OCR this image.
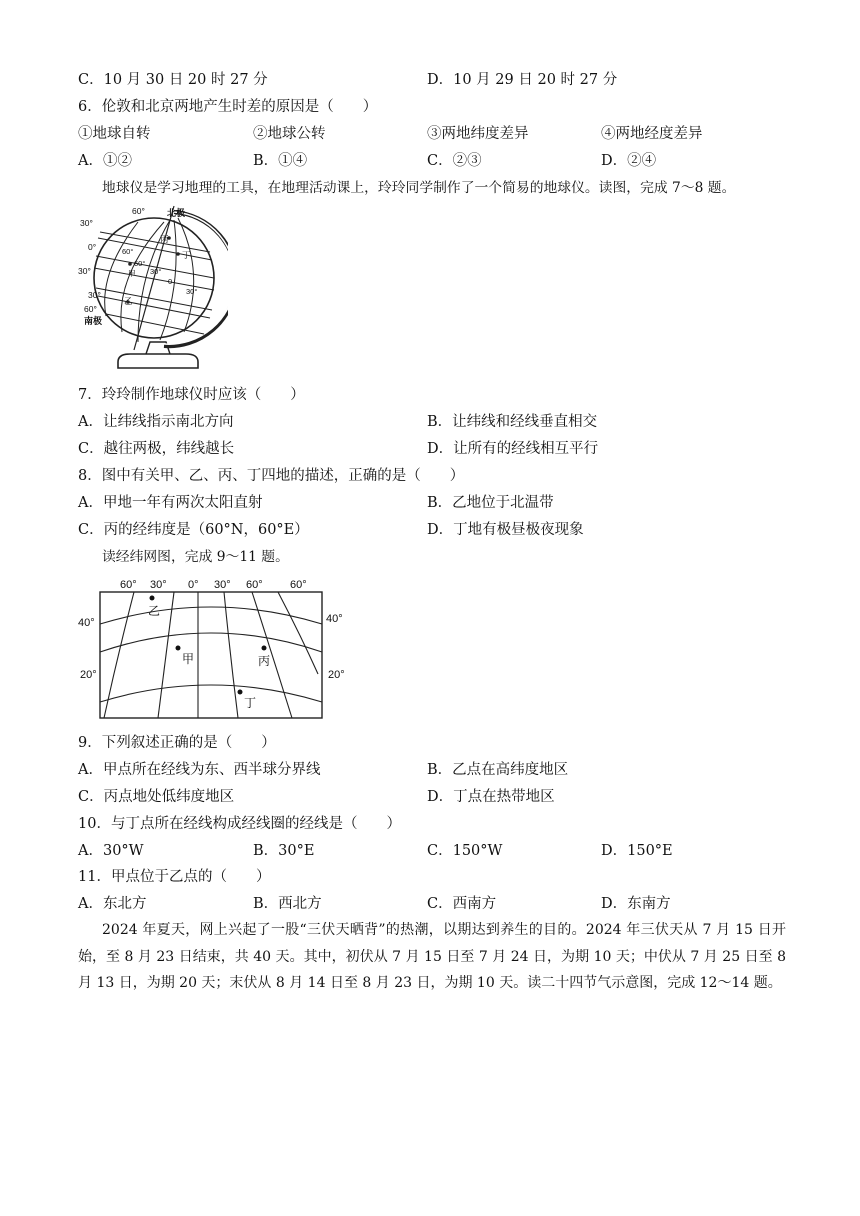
C．10 月 30 日 20 时 27 分	D．10 月 29 日 20 时 27 分
6．伦敦和北京两地产生时差的原因是（　　）
①地球自转	②地球公转	③两地纬度差异	④两地经度差异
A．①②	B．①④	C．②③	D．②④
地球仪是学习地理的工具，在地理活动课上，玲玲同学制作了一个简易的地球仪。读图，完成 7～8 题。
60° 北极
30°
0°
丙
丁
60°
30°
60°
甲 30°
0
30°
乙
30°
60°
南极
7．玲玲制作地球仪时应该（　　）
A．让纬线指示南北方向	B．让纬线和经线垂直相交
C．越往两极，纬线越长	D．让所有的经线相互平行
8．图中有关甲、乙、丙、丁四地的描述，正确的是（　　）
A．甲地一年有两次太阳直射	B．乙地位于北温带
C．丙的经纬度是（60°N，60°E）	D．丁地有极昼极夜现象
读经纬网图，完成 9～11 题。
60° 30° 0° 30° 60° 60°
40°
20°
40°
20°
乙
甲	丙
丁
9．下列叙述正确的是（　　）
A．甲点所在经线为东、西半球分界线	B．乙点在高纬度地区
C．丙点地处低纬度地区	D．丁点在热带地区
10．与丁点所在经线构成经线圈的经线是（　　）
A．30°W	B．30°E	C．150°W	D．150°E
11．甲点位于乙点的（　　）
A．东北方	B．西北方	C．西南方	D．东南方
2024 年夏天，网上兴起了一股“三伏天晒背”的热潮，以期达到养生的目的。2024 年三伏天从 7 月 15 日开始，至 8 月 23 日结束，共 40 天。其中，初伏从 7 月 15 日至 7 月 24 日，为期 10 天；中伏从 7 月 25 日至 8 月 13 日，为期 20 天；末伏从 8 月 14 日至 8 月 23 日，为期 10 天。读二十四节气示意图，完成 12～14 题。
